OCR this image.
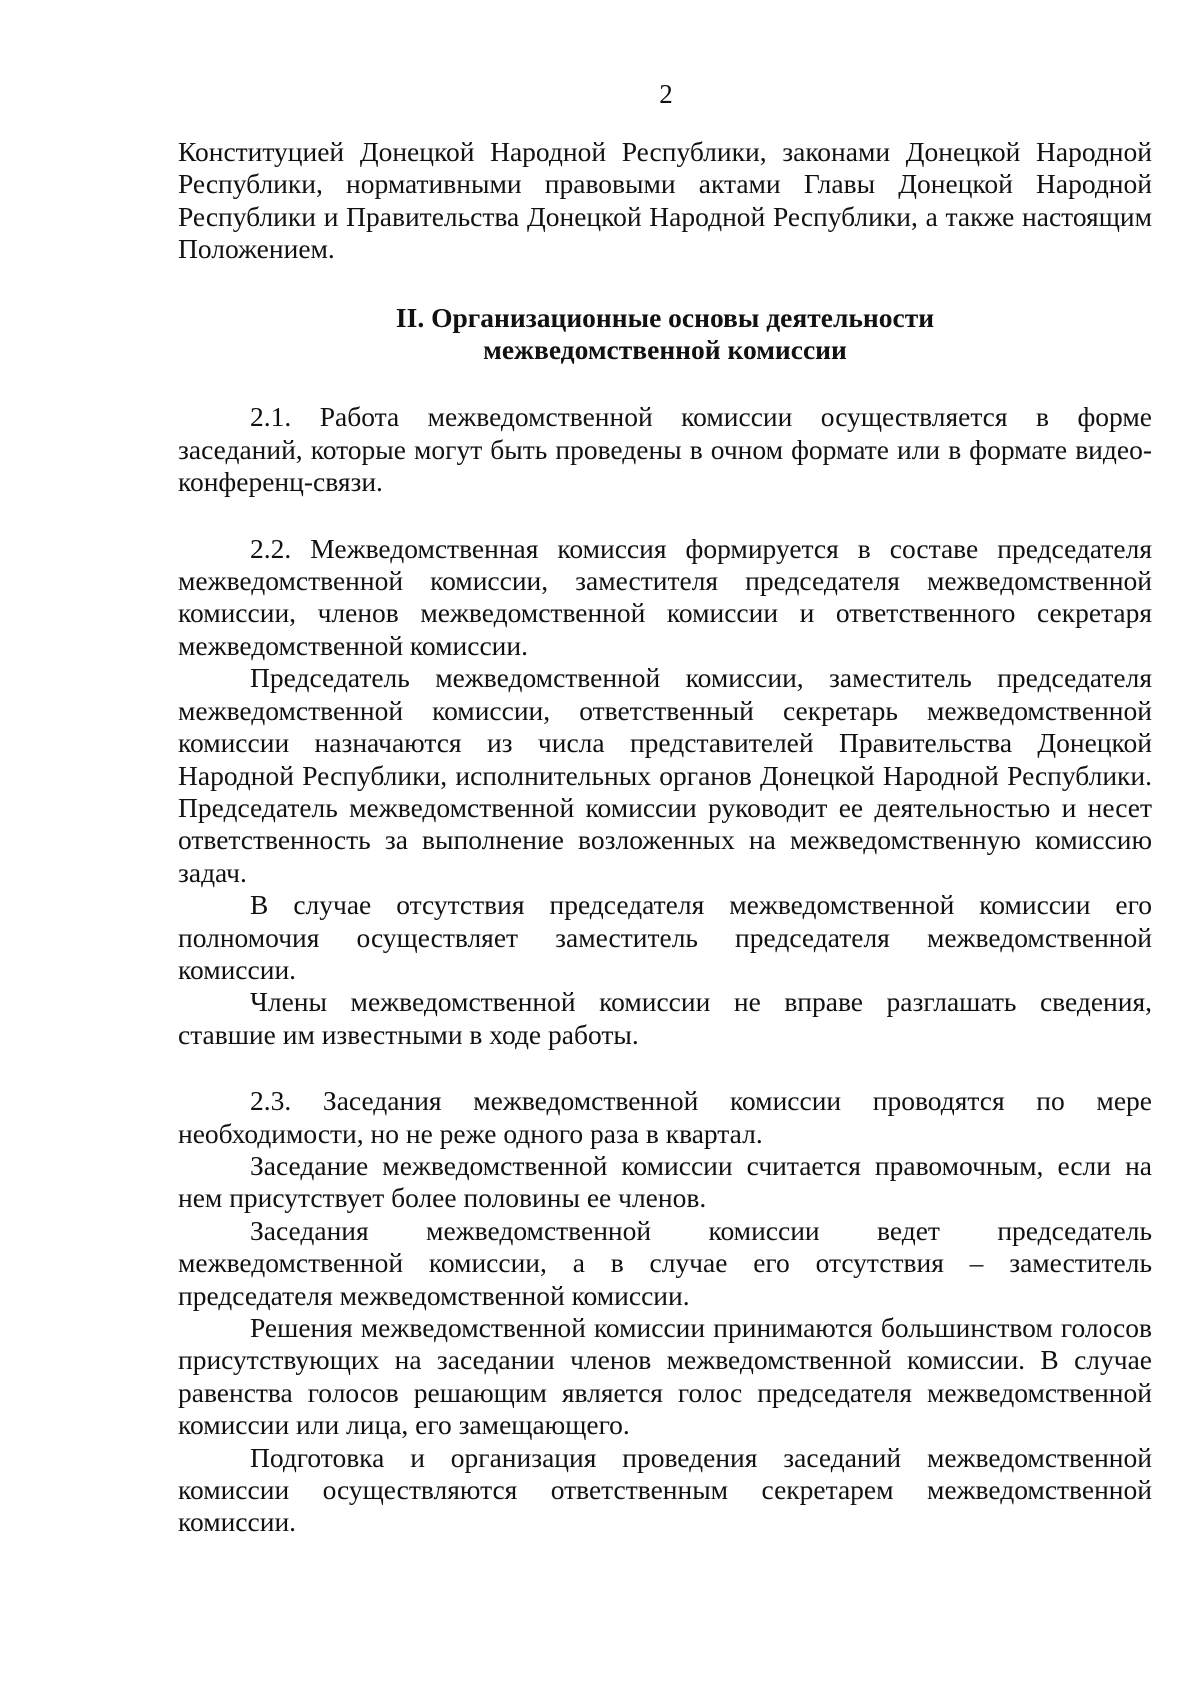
2

Конституцией Донецкой Народной Республики, законами Донецкой Народной Республики, нормативными правовыми актами Главы Донецкой Народной Республики и Правительства Донецкой Народной Республики, а также настоящим Положением.

II. Организационные основы деятельности
межведомственной комиссии

2.1. Работа межведомственной комиссии осуществляется в форме заседаний, которые могут быть проведены в очном формате или в формате видео-конференц-связи.

2.2. Межведомственная комиссия формируется в составе председателя межведомственной комиссии, заместителя председателя межведомственной комиссии, членов межведомственной комиссии и ответственного секретаря межведомственной комиссии.

Председатель межведомственной комиссии, заместитель председателя межведомственной комиссии, ответственный секретарь межведомственной комиссии назначаются из числа представителей Правительства Донецкой Народной Республики, исполнительных органов Донецкой Народной Республики. Председатель межведомственной комиссии руководит ее деятельностью и несет ответственность за выполнение возложенных на межведомственную комиссию задач.

В случае отсутствия председателя межведомственной комиссии его полномочия осуществляет заместитель председателя межведомственной комиссии.

Члены межведомственной комиссии не вправе разглашать сведения, ставшие им известными в ходе работы.

2.3. Заседания межведомственной комиссии проводятся по мере необходимости, но не реже одного раза в квартал.

Заседание межведомственной комиссии считается правомочным, если на нем присутствует более половины ее членов.

Заседания межведомственной комиссии ведет председатель межведомственной комиссии, а в случае его отсутствия – заместитель председателя межведомственной комиссии.

Решения межведомственной комиссии принимаются большинством голосов присутствующих на заседании членов межведомственной комиссии. В случае равенства голосов решающим является голос председателя межведомственной комиссии или лица, его замещающего.

Подготовка и организация проведения заседаний межведомственной комиссии осуществляются ответственным секретарем межведомственной комиссии.
